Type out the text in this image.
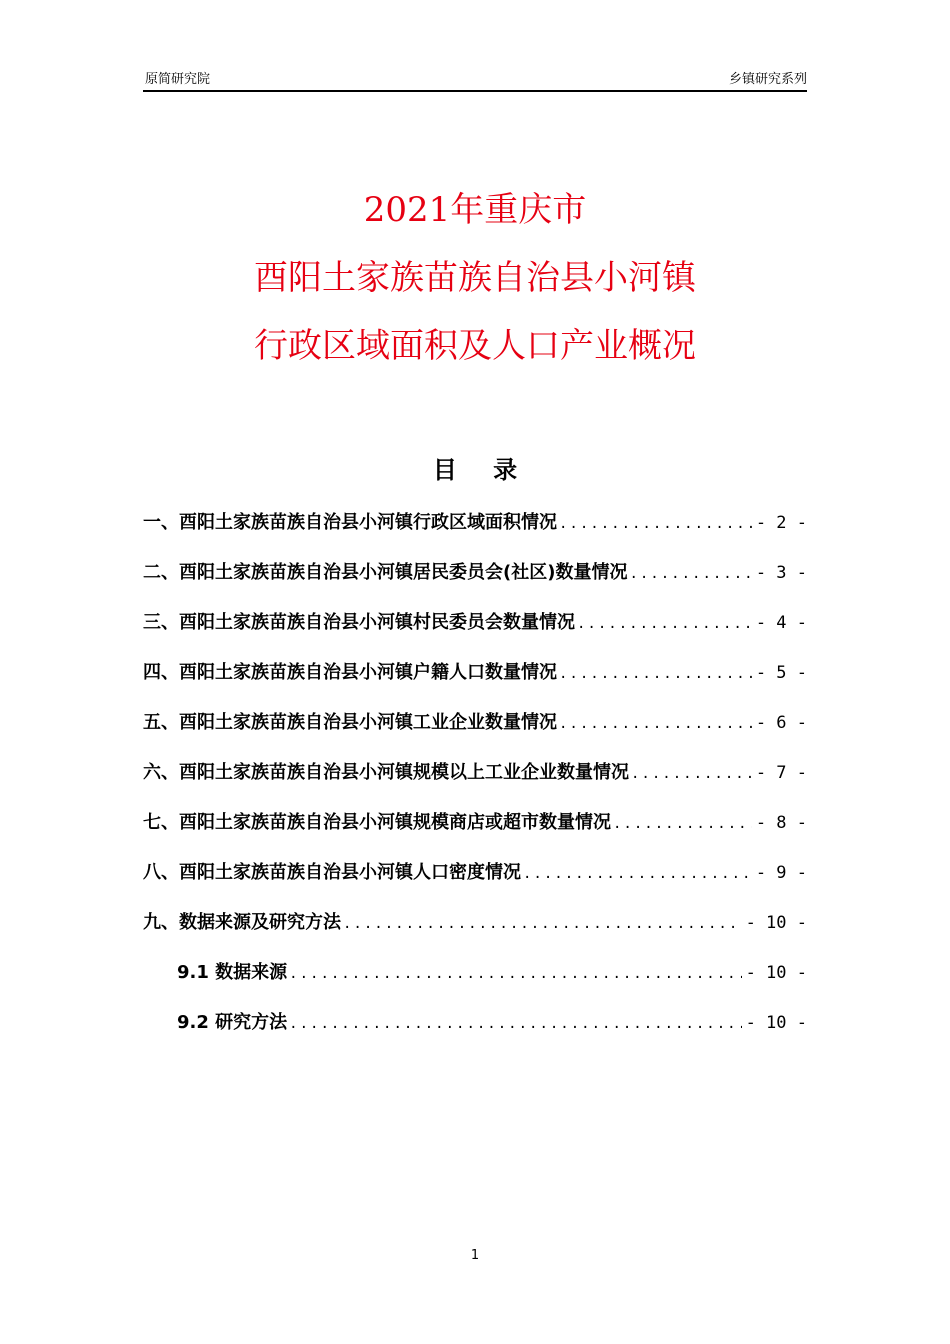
原简研究院	乡镇研究系列
2021年重庆市
酉阳土家族苗族自治县小河镇
行政区域面积及人口产业概况
目 录
一、酉阳土家族苗族自治县小河镇行政区域面积情况 .....	- 2 -
二、酉阳土家族苗族自治县小河镇居民委员会(社区)数量情况 .....	- 3 -
三、酉阳土家族苗族自治县小河镇村民委员会数量情况 .....	- 4 -
四、酉阳土家族苗族自治县小河镇户籍人口数量情况 .....	- 5 -
五、酉阳土家族苗族自治县小河镇工业企业数量情况 .....	- 6 -
六、酉阳土家族苗族自治县小河镇规模以上工业企业数量情况 .....	- 7 -
七、酉阳土家族苗族自治县小河镇规模商店或超市数量情况 .....	- 8 -
八、酉阳土家族苗族自治县小河镇人口密度情况 .....	- 9 -
九、数据来源及研究方法 .....	- 10 -
9.1 数据来源 .....	- 10 -
9.2 研究方法 .....	- 10 -
1
